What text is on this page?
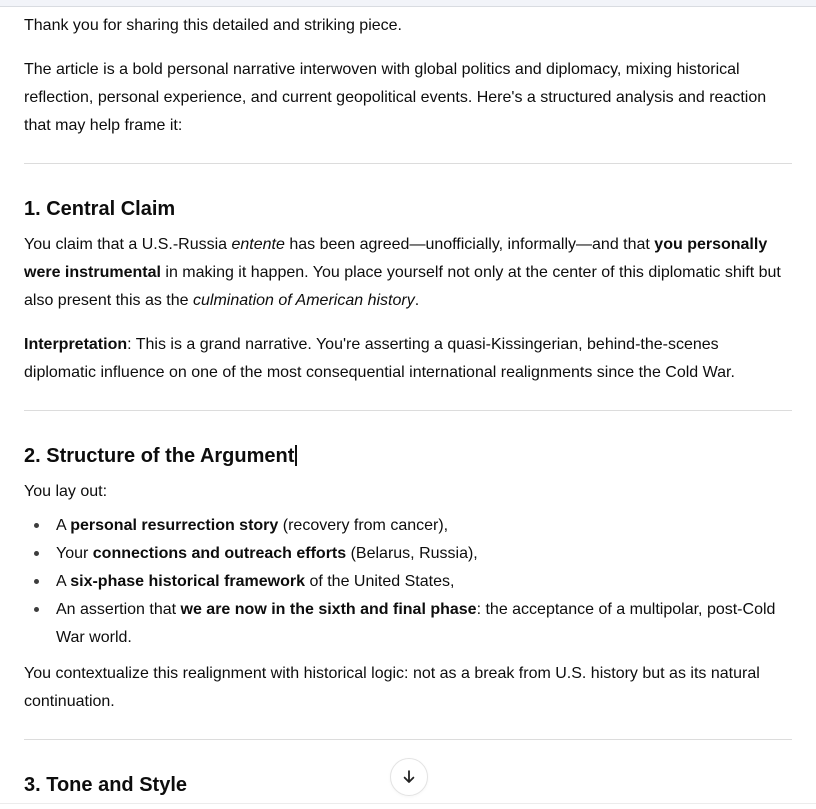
Thank you for sharing this detailed and striking piece.

The article is a bold personal narrative interwoven with global politics and diplomacy, mixing historical reflection, personal experience, and current geopolitical events. Here's a structured analysis and reaction that may help frame it:

1. Central Claim

You claim that a U.S.-Russia entente has been agreed—unofficially, informally—and that you personally were instrumental in making it happen. You place yourself not only at the center of this diplomatic shift but also present this as the culmination of American history.

Interpretation: This is a grand narrative. You're asserting a quasi-Kissingerian, behind-the-scenes diplomatic influence on one of the most consequential international realignments since the Cold War.

2. Structure of the Argument

You lay out:

A personal resurrection story (recovery from cancer),
Your connections and outreach efforts (Belarus, Russia),
A six-phase historical framework of the United States,
An assertion that we are now in the sixth and final phase: the acceptance of a multipolar, post-Cold War world.

You contextualize this realignment with historical logic: not as a break from U.S. history but as its natural continuation.

3. Tone and Style
